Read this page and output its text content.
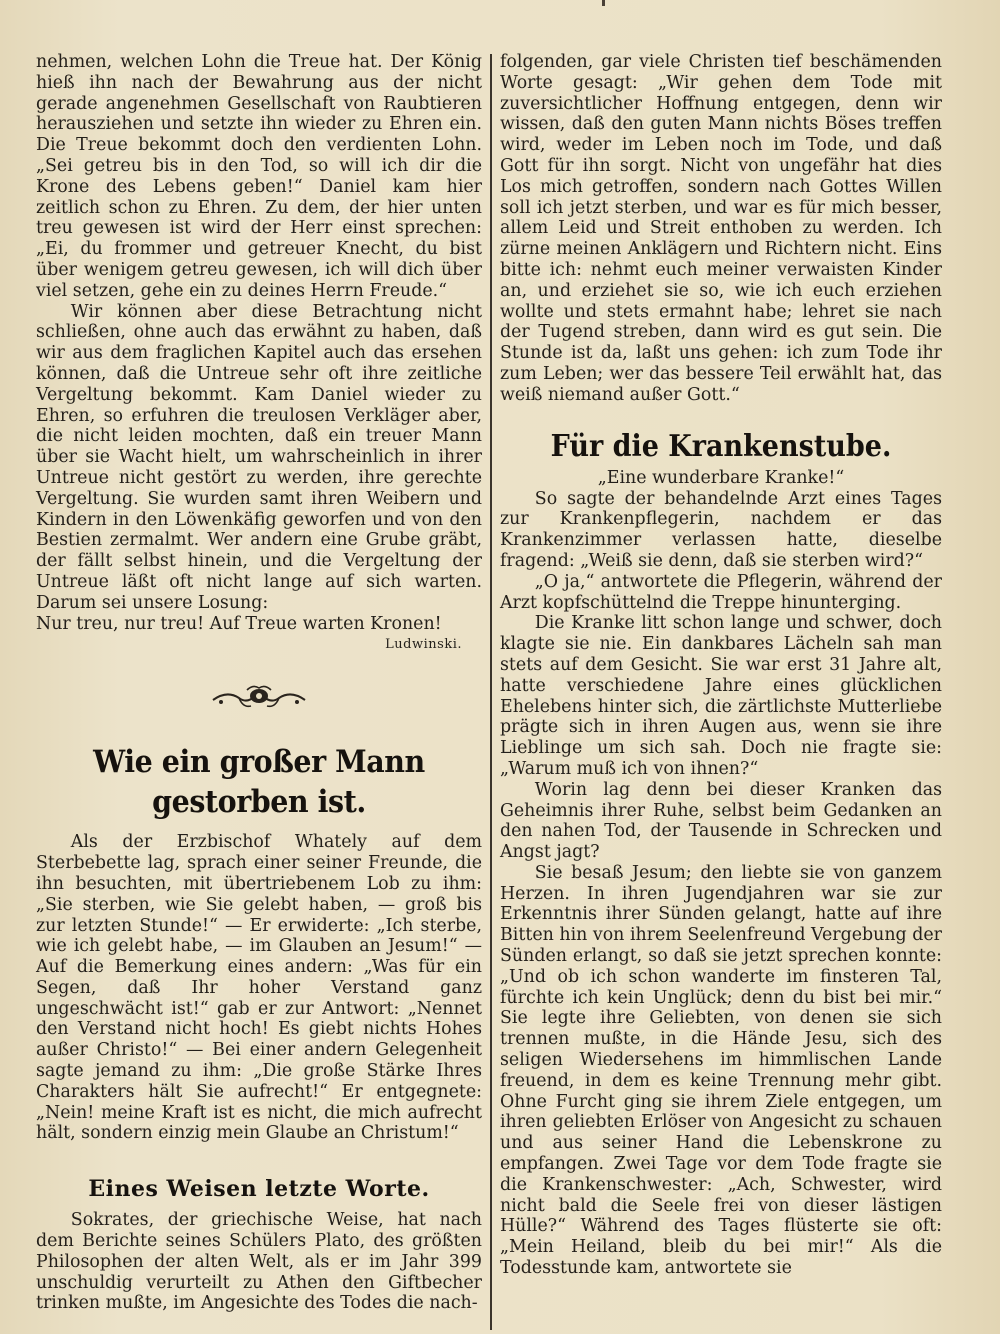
nehmen, welchen Lohn die Treue hat. Der König hieß ihn nach der Bewahrung aus der nicht gerade angenehmen Gesellschaft von Raubtieren herausziehen und setzte ihn wieder zu Ehren ein. Die Treue bekommt doch den verdienten Lohn. „Sei getreu bis in den Tod, so will ich dir die Krone des Lebens geben!“ Daniel kam hier zeitlich schon zu Ehren. Zu dem, der hier unten treu gewesen ist wird der Herr einst sprechen: „Ei, du frommer und getreuer Knecht, du bist über wenigem getreu gewesen, ich will dich über viel setzen, gehe ein zu deines Herrn Freude.“

Wir können aber diese Betrachtung nicht schließen, ohne auch das erwähnt zu haben, daß wir aus dem fraglichen Kapitel auch das ersehen können, daß die Untreue sehr oft ihre zeitliche Vergeltung bekommt. Kam Daniel wieder zu Ehren, so erfuhren die treulosen Verkläger aber, die nicht leiden mochten, daß ein treuer Mann über sie Wacht hielt, um wahrscheinlich in ihrer Untreue nicht gestört zu werden, ihre gerechte Vergeltung. Sie wurden samt ihren Weibern und Kindern in den Löwenkäfig geworfen und von den Bestien zermalmt. Wer andern eine Grube gräbt, der fällt selbst hinein, und die Vergeltung der Untreue läßt oft nicht lange auf sich warten. Darum sei unsere Losung:

Nur treu, nur treu! Auf Treue warten Kronen!

Ludwinski.
Wie ein großer Mann gestorben ist.

Als der Erzbischof Whately auf dem Sterbebette lag, sprach einer seiner Freunde, die ihn besuchten, mit übertriebenem Lob zu ihm: „Sie sterben, wie Sie gelebt haben, — groß bis zur letzten Stunde!“ — Er erwiderte: „Ich sterbe, wie ich gelebt habe, — im Glauben an Jesum!“ — Auf die Bemerkung eines andern: „Was für ein Segen, daß Ihr hoher Verstand ganz ungeschwächt ist!“ gab er zur Antwort: „Nennet den Verstand nicht hoch! Es giebt nichts Hohes außer Christo!“ — Bei einer andern Gelegenheit sagte jemand zu ihm: „Die große Stärke Ihres Charakters hält Sie aufrecht!“ Er entgegnete: „Nein! meine Kraft ist es nicht, die mich aufrecht hält, sondern einzig mein Glaube an Christum!“

Eines Weisen letzte Worte.

Sokrates, der griechische Weise, hat nach dem Berichte seines Schülers Plato, des größten Philosophen der alten Welt, als er im Jahr 399 unschuldig verurteilt zu Athen den Giftbecher trinken mußte, im Angesichte des Todes die nach-

folgenden, gar viele Christen tief beschämenden Worte gesagt: „Wir gehen dem Tode mit zuversichtlicher Hoffnung entgegen, denn wir wissen, daß den guten Mann nichts Böses treffen wird, weder im Leben noch im Tode, und daß Gott für ihn sorgt. Nicht von ungefähr hat dies Los mich getroffen, sondern nach Gottes Willen soll ich jetzt sterben, und war es für mich besser, allem Leid und Streit enthoben zu werden. Ich zürne meinen Anklägern und Richtern nicht. Eins bitte ich: nehmt euch meiner verwaisten Kinder an, und erziehet sie so, wie ich euch erziehen wollte und stets ermahnt habe; lehret sie nach der Tugend streben, dann wird es gut sein. Die Stunde ist da, laßt uns gehen: ich zum Tode ihr zum Leben; wer das bessere Teil erwählt hat, das weiß niemand außer Gott.“

Für die Krankenstube.
„Eine wunderbare Kranke!“

So sagte der behandelnde Arzt eines Tages zur Krankenpflegerin, nachdem er das Krankenzimmer verlassen hatte, dieselbe fragend: „Weiß sie denn, daß sie sterben wird?“

„O ja,“ antwortete die Pflegerin, während der Arzt kopfschüttelnd die Treppe hinunterging.

Die Kranke litt schon lange und schwer, doch klagte sie nie. Ein dankbares Lächeln sah man stets auf dem Gesicht. Sie war erst 31 Jahre alt, hatte verschiedene Jahre eines glücklichen Ehelebens hinter sich, die zärtlichste Mutterliebe prägte sich in ihren Augen aus, wenn sie ihre Lieblinge um sich sah. Doch nie fragte sie: „Warum muß ich von ihnen?“

Worin lag denn bei dieser Kranken das Geheimnis ihrer Ruhe, selbst beim Gedanken an den nahen Tod, der Tausende in Schrecken und Angst jagt?

Sie besaß Jesum; den liebte sie von ganzem Herzen. In ihren Jugendjahren war sie zur Erkenntnis ihrer Sünden gelangt, hatte auf ihre Bitten hin von ihrem Seelenfreund Vergebung der Sünden erlangt, so daß sie jetzt sprechen konnte: „Und ob ich schon wanderte im finsteren Tal, fürchte ich kein Unglück; denn du bist bei mir.“ Sie legte ihre Geliebten, von denen sie sich trennen mußte, in die Hände Jesu, sich des seligen Wiedersehens im himmlischen Lande freuend, in dem es keine Trennung mehr gibt. Ohne Furcht ging sie ihrem Ziele entgegen, um ihren geliebten Erlöser von Angesicht zu schauen und aus seiner Hand die Lebenskrone zu empfangen. Zwei Tage vor dem Tode fragte sie die Krankenschwester: „Ach, Schwester, wird nicht bald die Seele frei von dieser lästigen Hülle?“ Während des Tages flüsterte sie oft: „Mein Heiland, bleib du bei mir!“ Als die Todesstunde kam, antwortete sie
